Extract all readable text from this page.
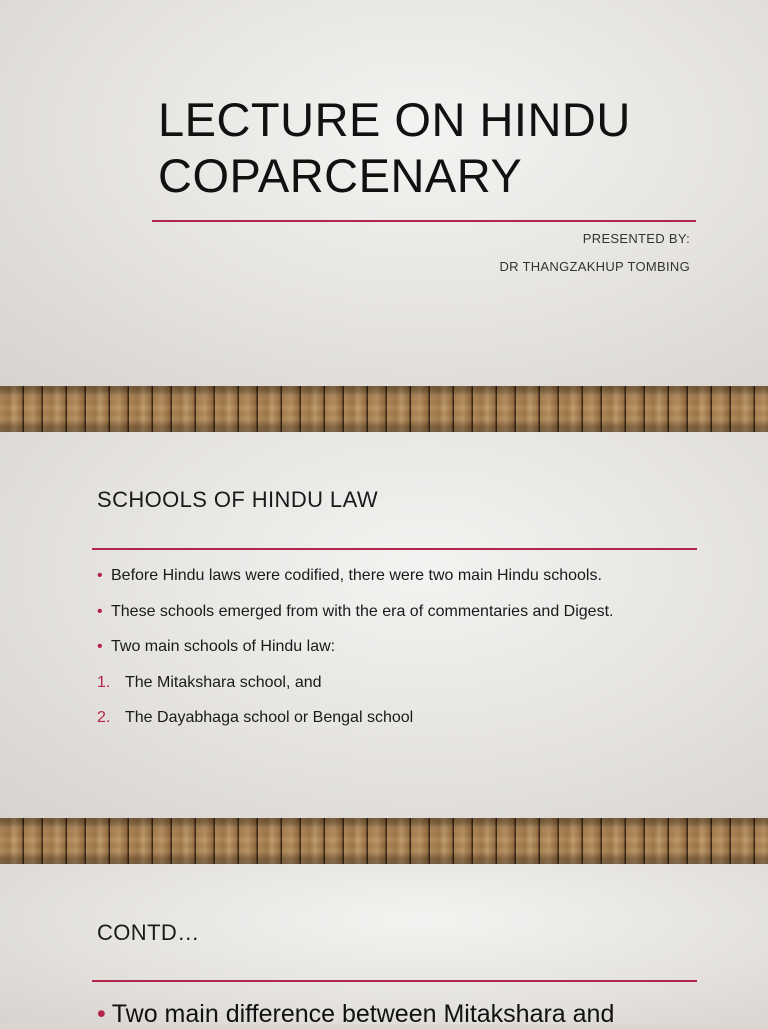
LECTURE ON HINDU
COPARCENARY
PRESENTED BY:
DR THANGZAKHUP TOMBING
SCHOOLS OF HINDU LAW
• Before Hindu laws were codified, there were two main Hindu schools.
• These schools emerged from with the era of commentaries and Digest.
• Two main schools of Hindu law:
1. The Mitakshara school, and
2. The Dayabhaga school or Bengal school
CONTD…
• Two main difference between Mitakshara and
